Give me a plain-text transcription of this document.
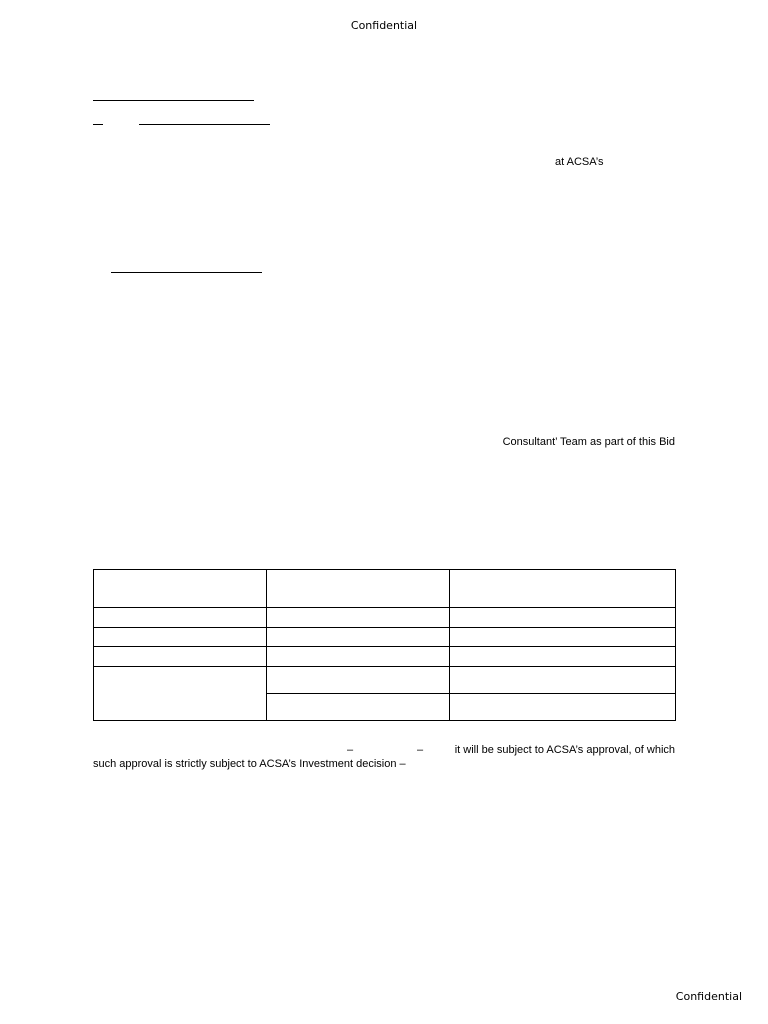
Confidential
at ACSA’s
Consultant’ Team as part of this Bid

–	–	it will be subject to ACSA’s approval, of which
such approval is strictly subject to ACSA’s Investment decision –
Confidential
